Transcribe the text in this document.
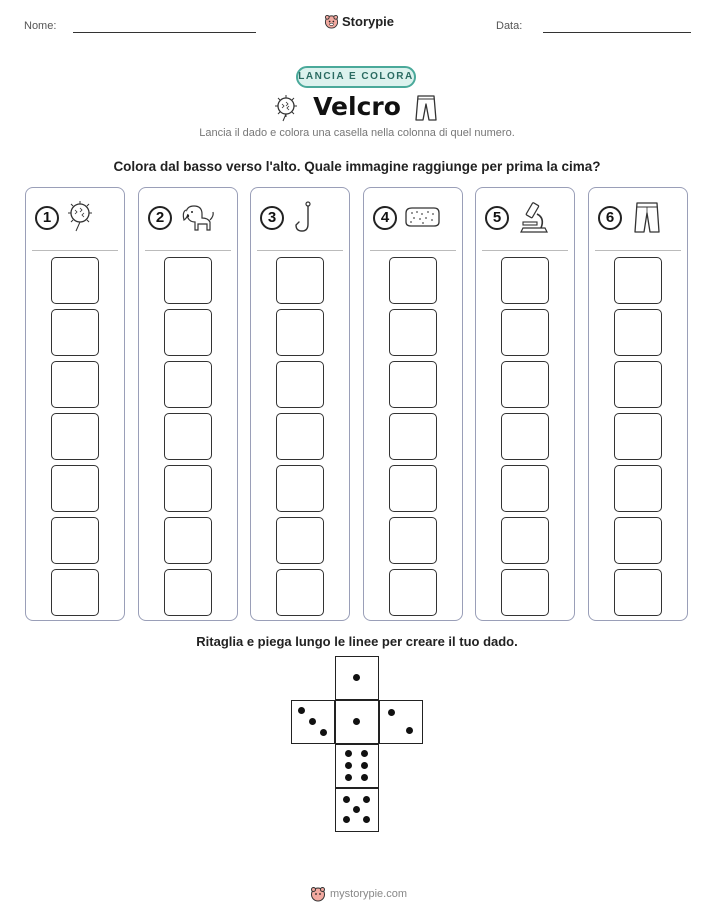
Nome:	Storypie	Data:
LANCIA E COLORA
Velcro
Lancia il dado e colora una casella nella colonna di quel numero.
Colora dal basso verso l'alto. Quale immagine raggiunge per prima la cima?
1	2	3	4	5	6
Ritaglia e piega lungo le linee per creare il tuo dado.
mystorypie.com
